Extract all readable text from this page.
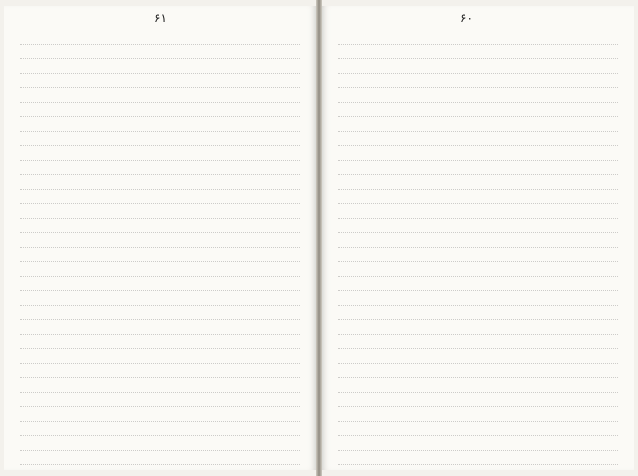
۶۱	۶۰
